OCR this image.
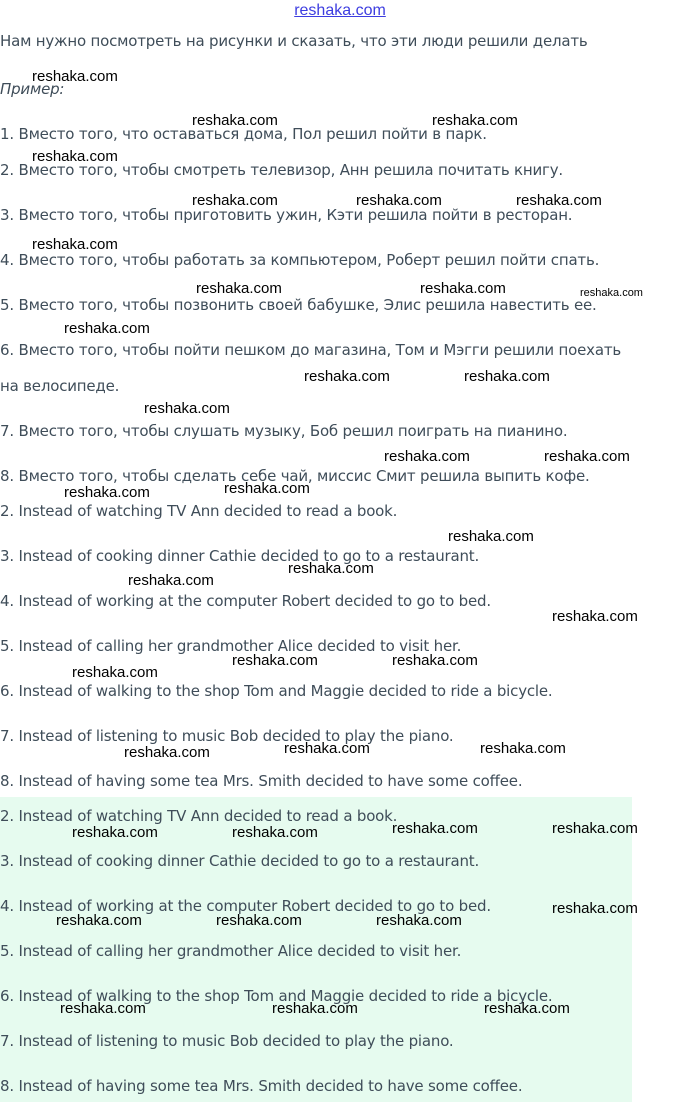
reshaka.com
Нам нужно посмотреть на рисунки и сказать, что эти люди решили делать
Пример:
1. Вместо того, что оставаться дома, Пол решил пойти в парк.
2. Вместо того, чтобы смотреть телевизор, Анн решила почитать книгу.
3. Вместо того, чтобы приготовить ужин, Кэти решила пойти в ресторан.
4. Вместо того, чтобы работать за компьютером, Роберт решил пойти спать.
5. Вместо того, чтобы позвонить своей бабушке, Элис решила навестить ее.
6. Вместо того, чтобы пойти пешком до магазина, Том и Мэгги решили поехать
на велосипеде.
7. Вместо того, чтобы слушать музыку, Боб решил поиграть на пианино.
8. Вместо того, чтобы сделать себе чай, миссис Смит решила выпить кофе.
2. Instead of watching TV Ann decided to read a book.
3. Instead of cooking dinner Cathie decided to go to a restaurant.
4. Instead of working at the computer Robert decided to go to bed.
5. Instead of calling her grandmother Alice decided to visit her.
6. Instead of walking to the shop Tom and Maggie decided to ride a bicycle.
7. Instead of listening to music Bob decided to play the piano.
8. Instead of having some tea Mrs. Smith decided to have some coffee.
2. Instead of watching TV Ann decided to read a book.
3. Instead of cooking dinner Cathie decided to go to a restaurant.
4. Instead of working at the computer Robert decided to go to bed.
5. Instead of calling her grandmother Alice decided to visit her.
6. Instead of walking to the shop Tom and Maggie decided to ride a bicycle.
7. Instead of listening to music Bob decided to play the piano.
8. Instead of having some tea Mrs. Smith decided to have some coffee.
reshaka.com
reshaka.com	reshaka.com
reshaka.com
reshaka.com	reshaka.com	reshaka.com
reshaka.com
reshaka.com	reshaka.com
reshaka.com
reshaka.com	reshaka.com
reshaka.com
reshaka.com	reshaka.com
reshaka.com
reshaka.com	reshaka.com
reshaka.com
reshaka.com
reshaka.com
reshaka.com
reshaka.com	reshaka.com
reshaka.com
reshaka.com	reshaka.com
reshaka.com
reshaka.com	reshaka.com	reshaka.com	reshaka.com
reshaka.com
reshaka.com	reshaka.com	reshaka.com
reshaka.com	reshaka.com	reshaka.com
